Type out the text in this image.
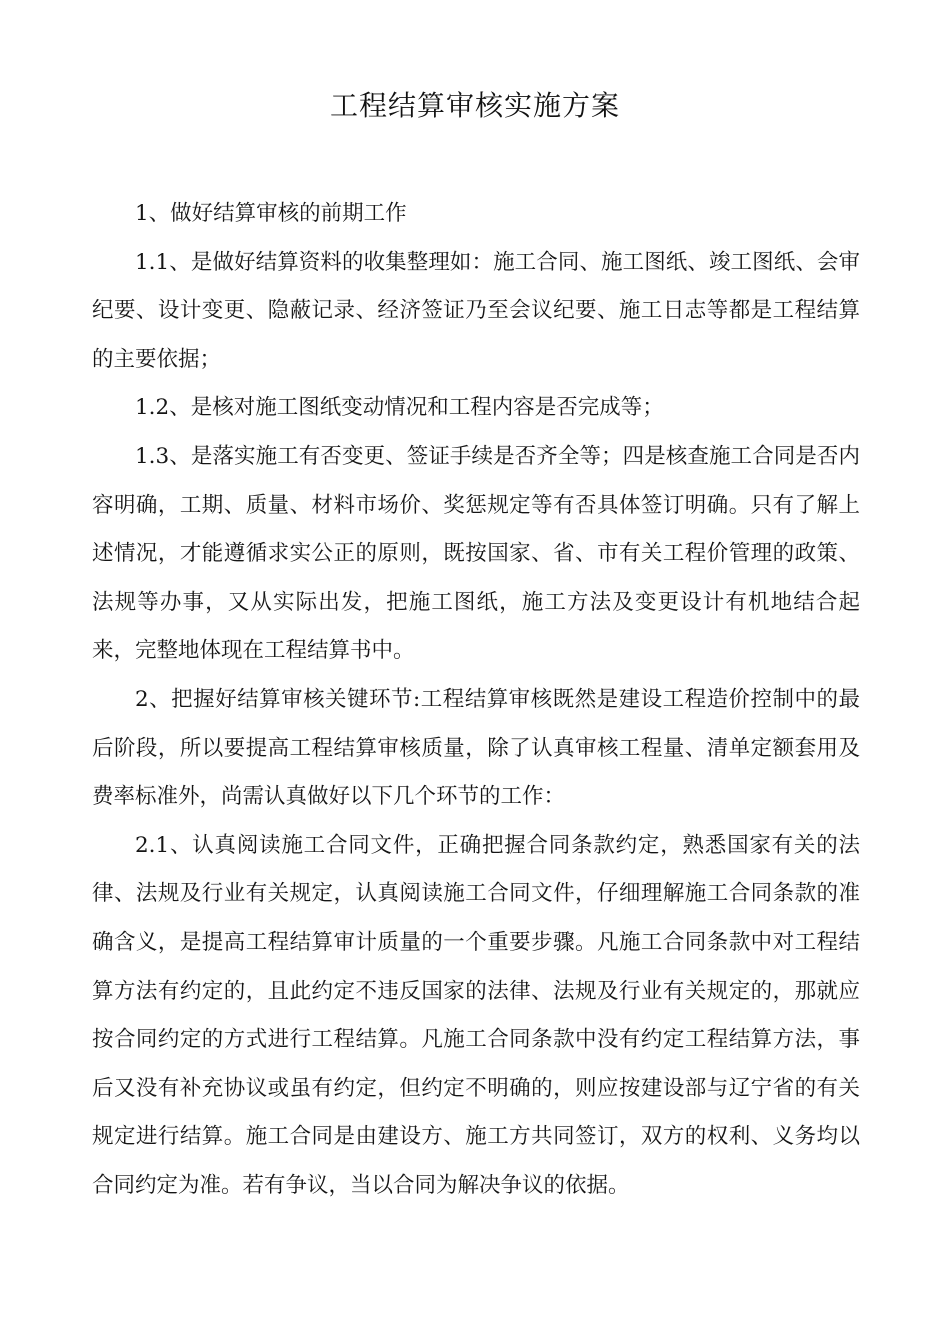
工程结算审核实施方案

1、做好结算审核的前期工作

1.1、是做好结算资料的收集整理如：施工合同、施工图纸、竣工图纸、会审纪要、设计变更、隐蔽记录、经济签证乃至会议纪要、施工日志等都是工程结算的主要依据；

1.2、是核对施工图纸变动情况和工程内容是否完成等；

1.3、是落实施工有否变更、签证手续是否齐全等；四是核查施工合同是否内容明确，工期、质量、材料市场价、奖惩规定等有否具体签订明确。只有了解上述情况，才能遵循求实公正的原则，既按国家、省、市有关工程价管理的政策、法规等办事，又从实际出发，把施工图纸，施工方法及变更设计有机地结合起来，完整地体现在工程结算书中。

2、把握好结算审核关键环节:工程结算审核既然是建设工程造价控制中的最后阶段，所以要提高工程结算审核质量，除了认真审核工程量、清单定额套用及费率标准外，尚需认真做好以下几个环节的工作：

2.1、认真阅读施工合同文件，正确把握合同条款约定，熟悉国家有关的法律、法规及行业有关规定，认真阅读施工合同文件，仔细理解施工合同条款的准确含义，是提高工程结算审计质量的一个重要步骤。凡施工合同条款中对工程结算方法有约定的，且此约定不违反国家的法律、法规及行业有关规定的，那就应按合同约定的方式进行工程结算。凡施工合同条款中没有约定工程结算方法，事后又没有补充协议或虽有约定，但约定不明确的，则应按建设部与辽宁省的有关规定进行结算。施工合同是由建设方、施工方共同签订，双方的权利、义务均以合同约定为准。若有争议，当以合同为解决争议的依据。
